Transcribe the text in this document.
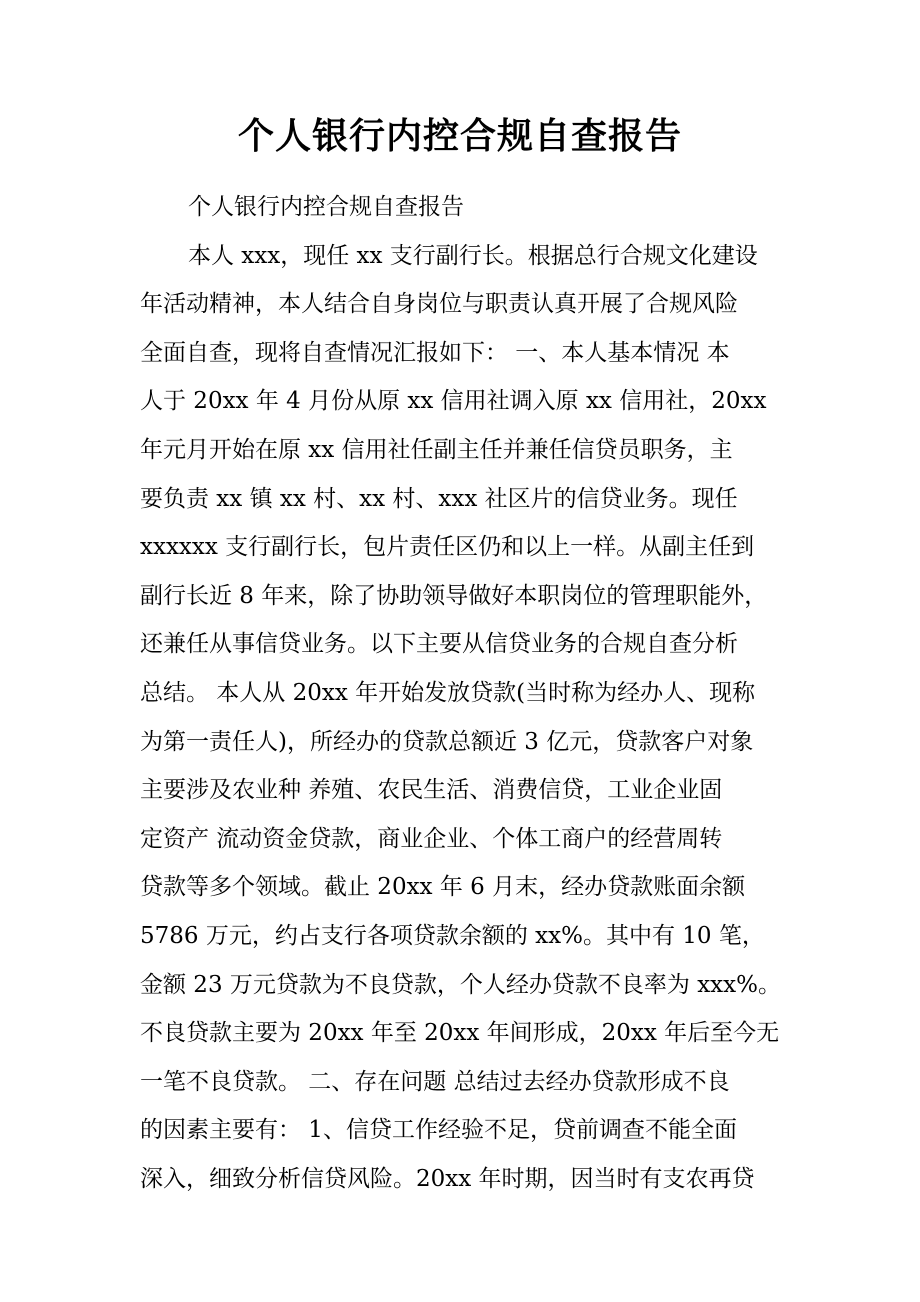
个人银行内控合规自查报告
个人银行内控合规自查报告
本人 xxx，现任 xx 支行副行长。根据总行合规文化建设
年活动精神，本人结合自身岗位与职责认真开展了合规风险
全面自查，现将自查情况汇报如下： 一、本人基本情况 本
人于 20xx 年 4 月份从原 xx 信用社调入原 xx 信用社，20xx
年元月开始在原 xx 信用社任副主任并兼任信贷员职务，主
要负责 xx 镇 xx 村、xx 村、xxx 社区片的信贷业务。现任
xxxxxx 支行副行长，包片责任区仍和以上一样。从副主任到
副行长近 8 年来，除了协助领导做好本职岗位的管理职能外，
还兼任从事信贷业务。以下主要从信贷业务的合规自查分析
总结。 本人从 20xx 年开始发放贷款(当时称为经办人、现称
为第一责任人)，所经办的贷款总额近 3 亿元，贷款客户对象
主要涉及农业种 养殖、农民生活、消费信贷，工业企业固
定资产 流动资金贷款，商业企业、个体工商户的经营周转
贷款等多个领域。截止 20xx 年 6 月末，经办贷款账面余额
5786 万元，约占支行各项贷款余额的 xx%。其中有 10 笔，
金额 23 万元贷款为不良贷款，个人经办贷款不良率为 xxx%。
不良贷款主要为 20xx 年至 20xx 年间形成，20xx 年后至今无
一笔不良贷款。 二、存在问题 总结过去经办贷款形成不良
的因素主要有： 1、信贷工作经验不足，贷前调查不能全面
深入，细致分析信贷风险。20xx 年时期，因当时有支农再贷
